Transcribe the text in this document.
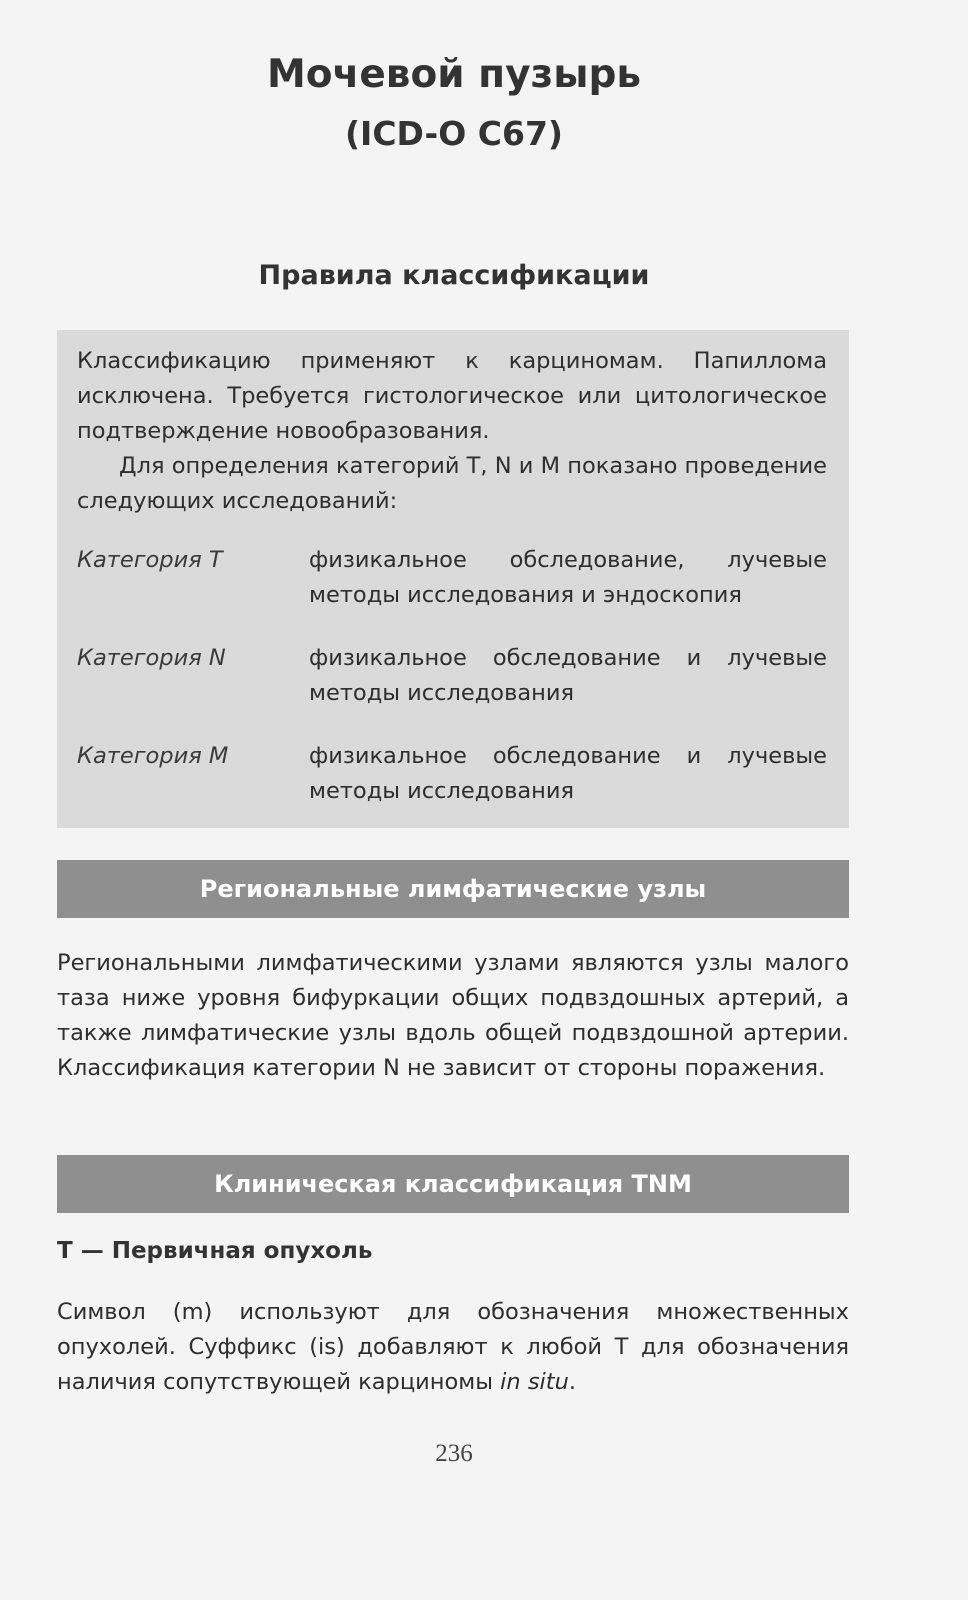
Мочевой пузырь
(ICD-O C67)
Правила классификации

Классификацию применяют к карциномам. Папиллома исключена. Требуется гистологическое или цитологическое подтверждение новообразования.

Для определения категорий T, N и M показано проведение следующих исследований:

Категория T	физикальное обследование, лучевые методы исследования и эндоскопия
Категория N	физикальное обследование и лучевые методы исследования
Категория M	физикальное обследование и лучевые методы исследования
Региональные лимфатические узлы

Региональными лимфатическими узлами являются узлы малого таза ниже уровня бифуркации общих подвздошных артерий, а также лимфатические узлы вдоль общей подвздошной артерии. Классификация категории N не зависит от стороны поражения.

Клиническая классификация TNM
T — Первичная опухоль

Символ (m) используют для обозначения множественных опухолей. Суффикс (is) добавляют к любой T для обозначения наличия сопутствующей карциномы in situ.

236
